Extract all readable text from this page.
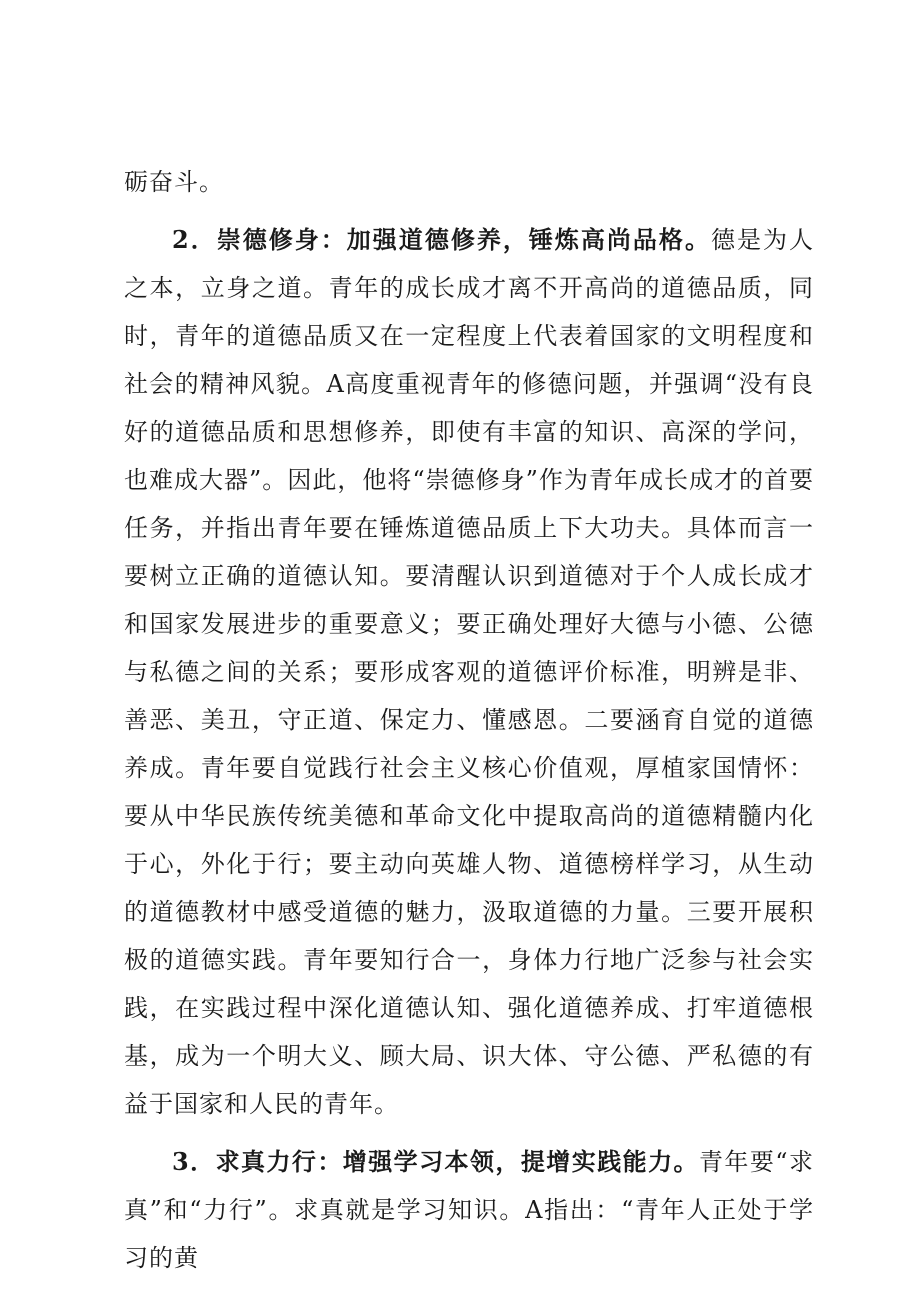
砺奋斗。

2．崇德修身：加强道德修养，锤炼高尚品格。德是为人之本，立身之道。青年的成长成才离不开高尚的道德品质，同时，青年的道德品质又在一定程度上代表着国家的文明程度和社会的精神风貌。A高度重视青年的修德问题，并强调“没有良好的道德品质和思想修养，即使有丰富的知识、高深的学问，也难成大器”。因此，他将“崇德修身”作为青年成长成才的首要任务，并指出青年要在锤炼道德品质上下大功夫。具体而言一要树立正确的道德认知。要清醒认识到道德对于个人成长成才和国家发展进步的重要意义；要正确处理好大德与小德、公德与私德之间的关系；要形成客观的道德评价标准，明辨是非、善恶、美丑，守正道、保定力、懂感恩。二要涵育自觉的道德养成。青年要自觉践行社会主义核心价值观，厚植家国情怀：要从中华民族传统美德和革命文化中提取高尚的道德精髓内化于心，外化于行；要主动向英雄人物、道德榜样学习，从生动的道德教材中感受道德的魅力，汲取道德的力量。三要开展积极的道德实践。青年要知行合一，身体力行地广泛参与社会实践，在实践过程中深化道德认知、强化道德养成、打牢道德根基，成为一个明大义、顾大局、识大体、守公德、严私德的有益于国家和人民的青年。

3．求真力行：增强学习本领，提增实践能力。青年要“求真”和“力行”。求真就是学习知识。A指出：“青年人正处于学习的黄
